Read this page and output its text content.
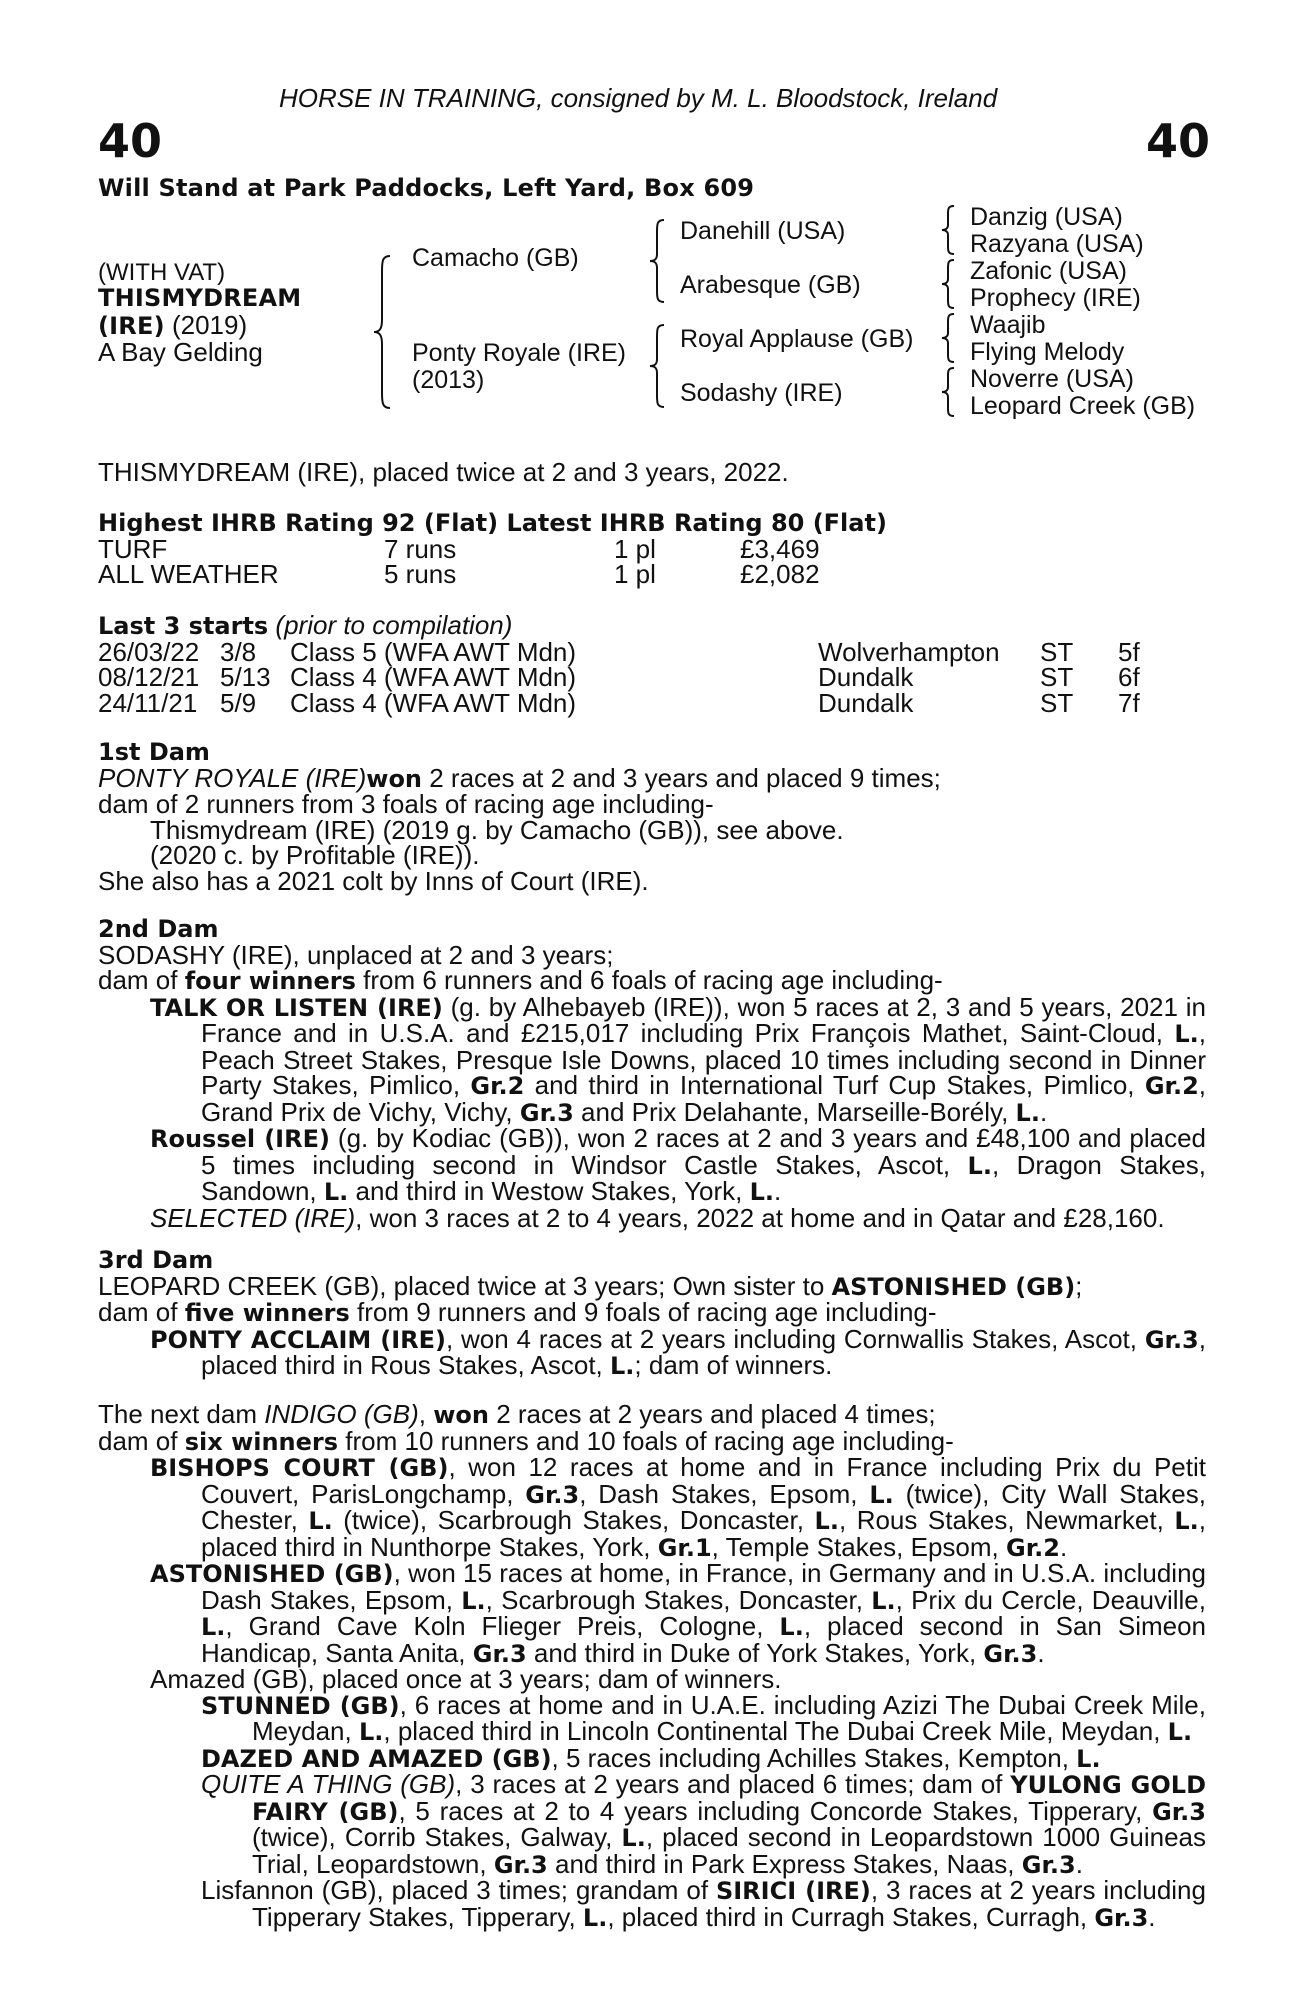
HORSE IN TRAINING, consigned by M. L. Bloodstock, Ireland
40	40
Will Stand at Park Paddocks, Left Yard, Box 609
(WITH VAT)
THISMYDREAM
(IRE) (2019)
A Bay Gelding
Camacho (GB)
Ponty Royale (IRE)
(2013)
Danehill (USA)
Arabesque (GB)
Royal Applause (GB)
Sodashy (IRE)
Danzig (USA)
Razyana (USA)
Zafonic (USA)
Prophecy (IRE)
Waajib
Flying Melody
Noverre (USA)
Leopard Creek (GB)
THISMYDREAM (IRE), placed twice at 2 and 3 years, 2022.
Highest IHRB Rating 92 (Flat) Latest IHRB Rating 80 (Flat)
TURF	7 runs	1 pl	£3,469
ALL WEATHER	5 runs	1 pl	£2,082
Last 3 starts (prior to compilation)
26/03/22 3/8 Class 5 (WFA AWT Mdn)	Wolverhampton ST 5f
08/12/21 5/13 Class 4 (WFA AWT Mdn)	Dundalk	ST 6f
24/11/21 5/9 Class 4 (WFA AWT Mdn)	Dundalk	ST 7f
1st Dam

PONTY ROYALE (IRE)won 2 races at 2 and 3 years and placed 9 times;

dam of 2 runners from 3 foals of racing age including-

Thismydream (IRE) (2019 g. by Camacho (GB)), see above.

(2020 c. by Profitable (IRE)).

She also has a 2021 colt by Inns of Court (IRE).

2nd Dam

SODASHY (IRE), unplaced at 2 and 3 years;

dam of four winners from 6 runners and 6 foals of racing age including-

TALK OR LISTEN (IRE) (g. by Alhebayeb (IRE)), won 5 races at 2, 3 and 5 years, 2021 in France and in U.S.A. and £215,017 including Prix François Mathet, Saint-Cloud, L., Peach Street Stakes, Presque Isle Downs, placed 10 times including second in Dinner Party Stakes, Pimlico, Gr.2 and third in International Turf Cup Stakes, Pimlico, Gr.2, Grand Prix de Vichy, Vichy, Gr.3 and Prix Delahante, Marseille-Borély, L..

Roussel (IRE) (g. by Kodiac (GB)), won 2 races at 2 and 3 years and £48,100 and placed 5 times including second in Windsor Castle Stakes, Ascot, L., Dragon Stakes, Sandown, L. and third in Westow Stakes, York, L..

SELECTED (IRE), won 3 races at 2 to 4 years, 2022 at home and in Qatar and £28,160.

3rd Dam

LEOPARD CREEK (GB), placed twice at 3 years; Own sister to ASTONISHED (GB);

dam of five winners from 9 runners and 9 foals of racing age including-

PONTY ACCLAIM (IRE), won 4 races at 2 years including Cornwallis Stakes, Ascot, Gr.3, placed third in Rous Stakes, Ascot, L.; dam of winners.

The next dam INDIGO (GB), won 2 races at 2 years and placed 4 times;

dam of six winners from 10 runners and 10 foals of racing age including-

BISHOPS COURT (GB), won 12 races at home and in France including Prix du Petit Couvert, ParisLongchamp, Gr.3, Dash Stakes, Epsom, L. (twice), City Wall Stakes, Chester, L. (twice), Scarbrough Stakes, Doncaster, L., Rous Stakes, Newmarket, L., placed third in Nunthorpe Stakes, York, Gr.1, Temple Stakes, Epsom, Gr.2.

ASTONISHED (GB), won 15 races at home, in France, in Germany and in U.S.A. including Dash Stakes, Epsom, L., Scarbrough Stakes, Doncaster, L., Prix du Cercle, Deauville, L., Grand Cave Koln Flieger Preis, Cologne, L., placed second in San Simeon Handicap, Santa Anita, Gr.3 and third in Duke of York Stakes, York, Gr.3.

Amazed (GB), placed once at 3 years; dam of winners.

STUNNED (GB), 6 races at home and in U.A.E. including Azizi The Dubai Creek Mile, Meydan, L., placed third in Lincoln Continental The Dubai Creek Mile, Meydan, L.

DAZED AND AMAZED (GB), 5 races including Achilles Stakes, Kempton, L.

QUITE A THING (GB), 3 races at 2 years and placed 6 times; dam of YULONG GOLD FAIRY (GB), 5 races at 2 to 4 years including Concorde Stakes, Tipperary, Gr.3 (twice), Corrib Stakes, Galway, L., placed second in Leopardstown 1000 Guineas Trial, Leopardstown, Gr.3 and third in Park Express Stakes, Naas, Gr.3.

Lisfannon (GB), placed 3 times; grandam of SIRICI (IRE), 3 races at 2 years including Tipperary Stakes, Tipperary, L., placed third in Curragh Stakes, Curragh, Gr.3.
